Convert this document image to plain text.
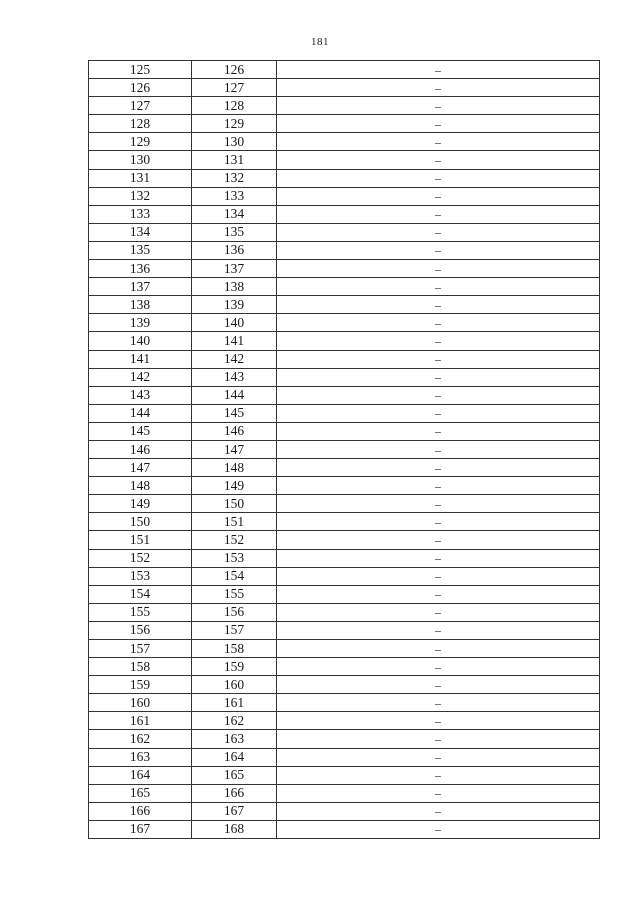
181
125	126	–
126	127	–
127	128	–
128	129	–
129	130	–
130	131	–
131	132	–
132	133	–
133	134	–
134	135	–
135	136	–
136	137	–
137	138	–
138	139	–
139	140	–
140	141	–
141	142	–
142	143	–
143	144	–
144	145	–
145	146	–
146	147	–
147	148	–
148	149	–
149	150	–
150	151	–
151	152	–
152	153	–
153	154	–
154	155	–
155	156	–
156	157	–
157	158	–
158	159	–
159	160	–
160	161	–
161	162	–
162	163	–
163	164	–
164	165	–
165	166	–
166	167	–
167	168	–
